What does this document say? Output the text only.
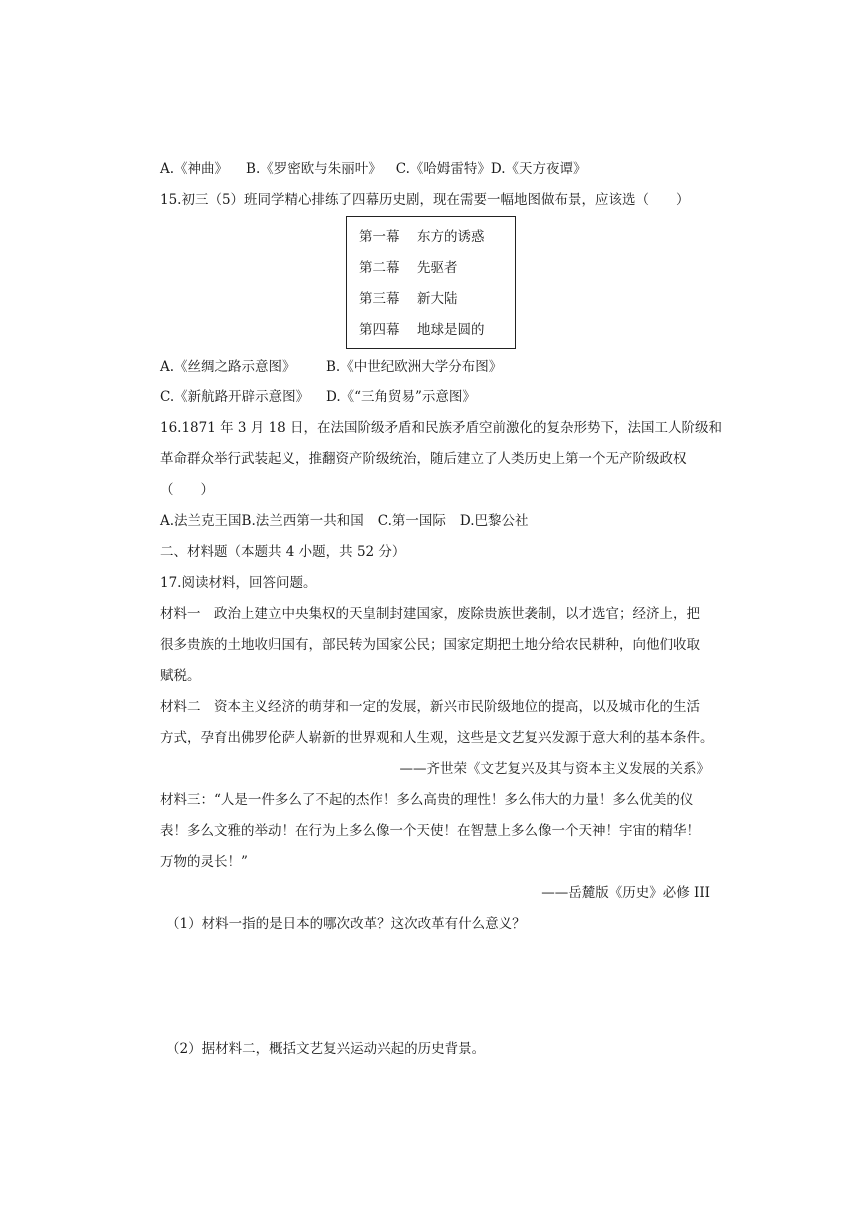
A.《神曲》 B.《罗密欧与朱丽叶》 C.《哈姆雷特》D.《天方夜谭》
15.初三（5）班同学精心排练了四幕历史剧，现在需要一幅地图做布景，应该选（　　）
第一幕 东方的诱惑
第二幕 先驱者
第三幕 新大陆
第四幕 地球是圆的
A.《丝绸之路示意图》 B.《中世纪欧洲大学分布图》
C.《新航路开辟示意图》 D.《“三角贸易”示意图》
16.1871 年 3 月 18 日，在法国阶级矛盾和民族矛盾空前激化的复杂形势下，法国工人阶级和
革命群众举行武装起义，推翻资产阶级统治，随后建立了人类历史上第一个无产阶级政权
（　　）
A.法兰克王国B.法兰西第一共和国 C.第一国际 D.巴黎公社
二、材料题（本题共 4 小题，共 52 分）
17.阅读材料，回答问题。
材料一　政治上建立中央集权的天皇制封建国家，废除贵族世袭制，以才选官；经济上，把
很多贵族的土地收归国有，部民转为国家公民；国家定期把土地分给农民耕种，向他们收取
赋税。
材料二　资本主义经济的萌芽和一定的发展，新兴市民阶级地位的提高，以及城市化的生活
方式，孕育出佛罗伦萨人崭新的世界观和人生观，这些是文艺复兴发源于意大利的基本条件。
——齐世荣《文艺复兴及其与资本主义发展的关系》
材料三：“人是一件多么了不起的杰作！多么高贵的理性！多么伟大的力量！多么优美的仪
表！多么文雅的举动！在行为上多么像一个天使！在智慧上多么像一个天神！宇宙的精华！
万物的灵长！”
——岳麓版《历史》必修 III
（1）材料一指的是日本的哪次改革？这次改革有什么意义？
（2）据材料二，概括文艺复兴运动兴起的历史背景。
